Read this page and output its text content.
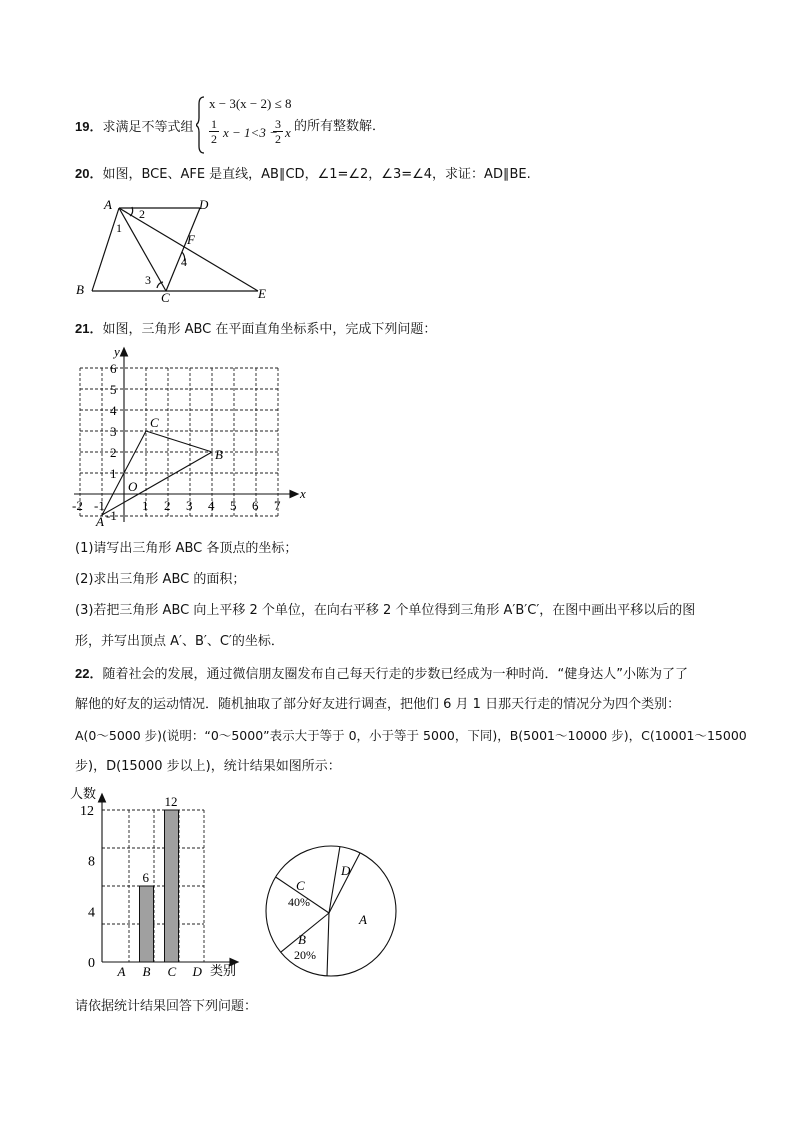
19．求满足不等式组
x − 3(x − 2) ≤ 8
$\frac{1}{2}$ x − 1<3 −
$\frac{3}{2}$ x 的所有整数解．
20．如图，BCE、AFE 是直线，AB∥CD，∠1=∠2，∠3=∠4，求证：AD∥BE.
A	D
B
C	E
F
1
2
3
4
21．如图，三角形 ABC 在平面直角坐标系中，完成下列问题：
x
y
-2 -1	1 2 3 4 5 6 7
6
5
4
3
2
1
-1
O
A
B
C
(1)请写出三角形 ABC 各顶点的坐标；
(2)求出三角形 ABC 的面积；
(3)若把三角形 ABC 向上平移 2 个单位，在向右平移 2 个单位得到三角形 A′B′C′，在图中画出平移以后的图
形，并写出顶点 A′、B′、C′的坐标．
22．随着社会的发展，通过微信朋友圈发布自己每天行走的步数已经成为一种时尚．“健身达人”小陈为了了
解他的好友的运动情况．随机抽取了部分好友进行调查，把他们 6 月 1 日那天行走的情况分为四个类别：
A(0～5000 步)(说明：“0～5000”表示大于等于 0，小于等于 5000，下同)，B(5001～10000 步)，C(10001～15000
步)，D(15000 步以上)，统计结果如图所示：
人数
类别
0
4
8
12
A B C D
6
12
C
40%
B
20%
D
A
请依据统计结果回答下列问题：
